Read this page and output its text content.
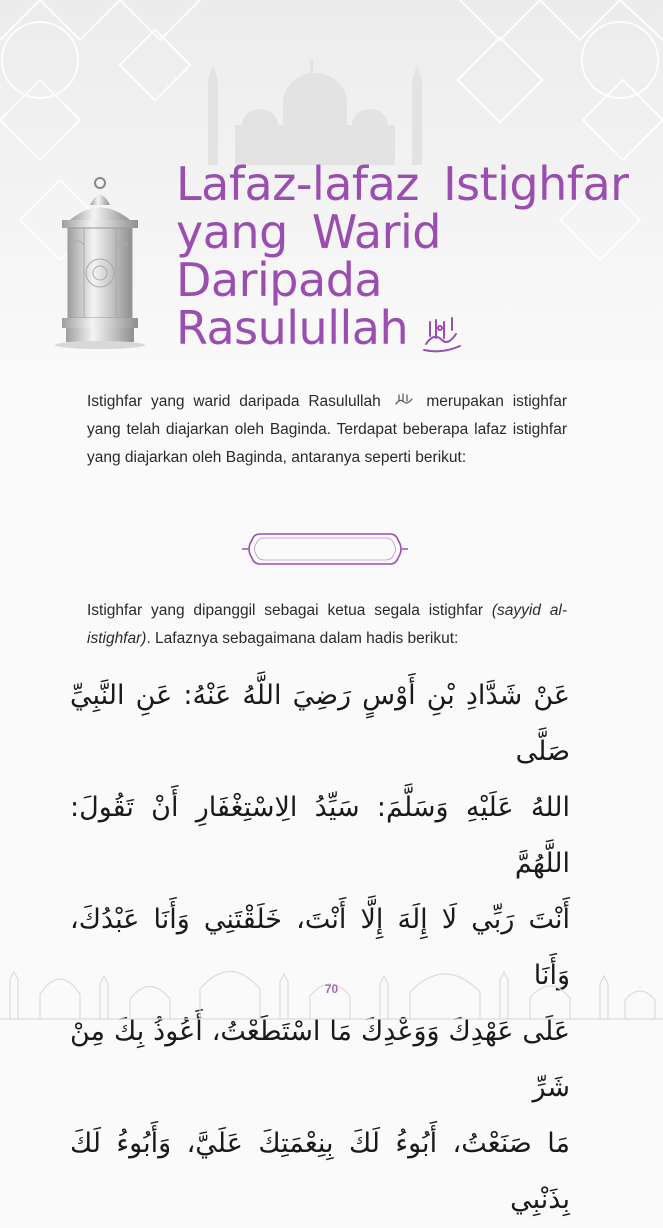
Lafaz-lafaz Istighfar
yang Warid
Daripada
Rasulullah

Istighfar yang warid daripada Rasulullah	merupakan istighfar yang telah diajarkan oleh Baginda. Terdapat beberapa lafaz istighfar yang diajarkan oleh Baginda, antaranya seperti berikut:

Istighfar yang dipanggil sebagai ketua segala istighfar (sayyid al-istighfar). Lafaznya sebagaimana dalam hadis berikut:

عَنْ شَدَّادِ بْنِ أَوْسٍ رَضِيَ اللَّهُ عَنْهُ: عَنِ النَّبِيِّ صَلَّى
اللهُ عَلَيْهِ وَسَلَّمَ: سَيِّدُ الِاسْتِغْفَارِ أَنْ تَقُولَ: اللَّهُمَّ
أَنْتَ رَبِّي لَا إِلَهَ إِلَّا أَنْتَ، خَلَقْتَنِي وَأَنَا عَبْدُكَ، وَأَنَا
عَلَى عَهْدِكَ وَوَعْدِكَ مَا اسْتَطَعْتُ، أَعُوذُ بِكَ مِنْ شَرِّ
مَا صَنَعْتُ، أَبُوءُ لَكَ بِنِعْمَتِكَ عَلَيَّ، وَأَبُوءُ لَكَ بِذَنْبِي
70
